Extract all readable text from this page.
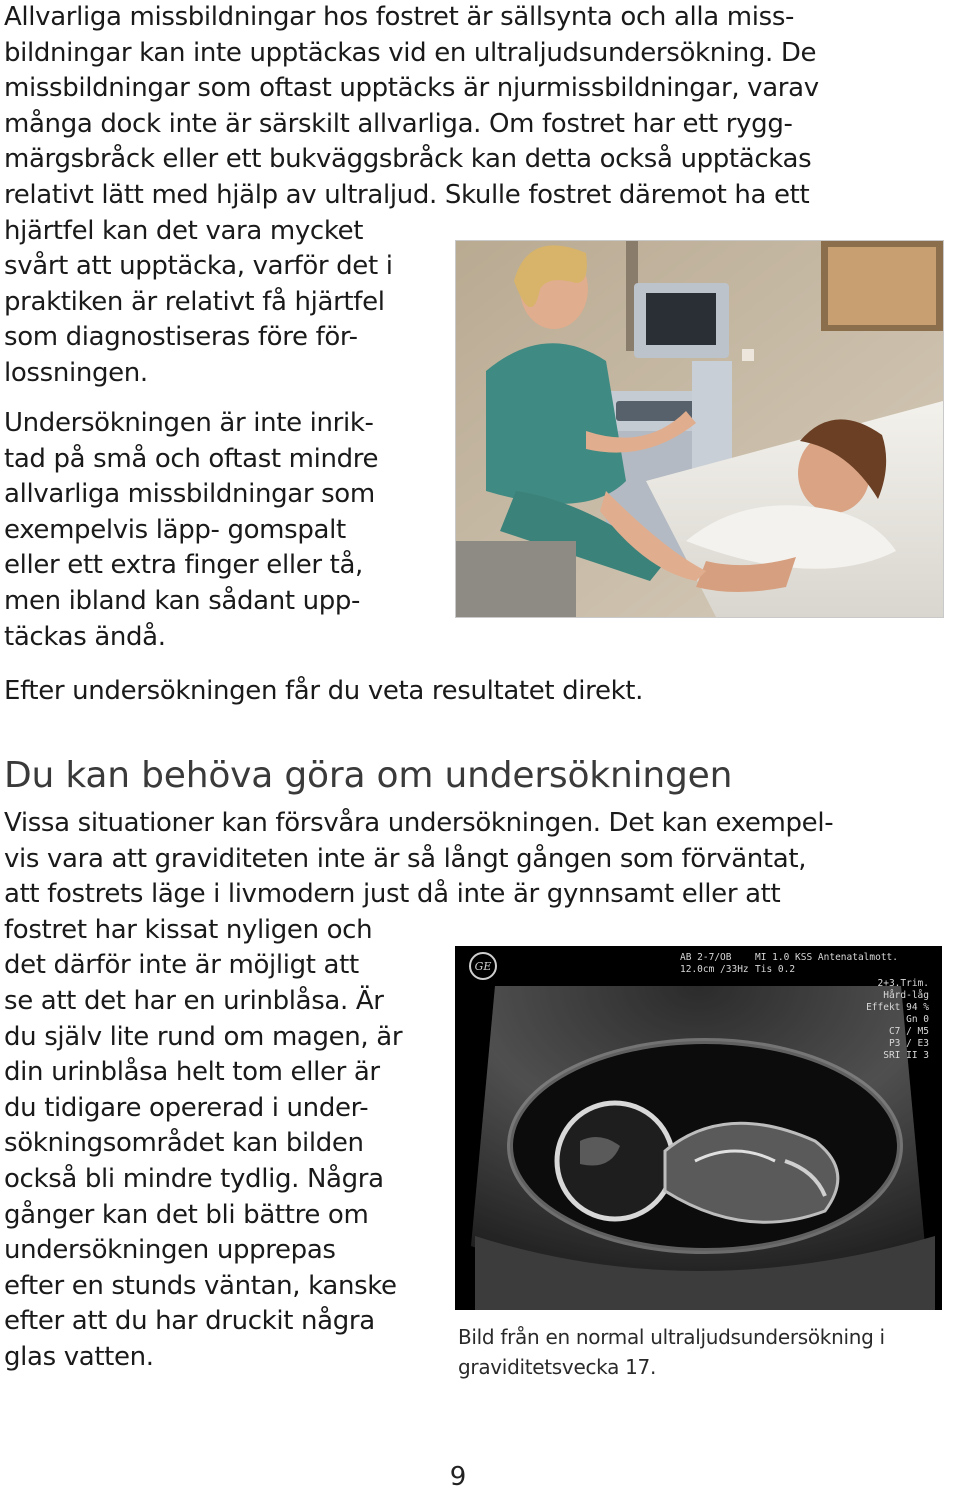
Allvarliga missbildningar hos fostret är sällsynta och alla miss-
bildningar kan inte upptäckas vid en ultraljudsundersökning. De
missbildningar som oftast upptäcks är njurmissbildningar, varav
många dock inte är särskilt allvarliga. Om fostret har ett rygg-
märgsbråck eller ett bukväggsbråck kan detta också upptäckas
relativt lätt med hjälp av ultraljud. Skulle fostret däremot ha ett
hjärtfel kan det vara mycket
svårt att upptäcka, varför det i
praktiken är relativt få hjärtfel
som diagnostiseras före för-
lossningen.
Undersökningen är inte inrik-
tad på små och oftast mindre
allvarliga missbildningar som
exempelvis läpp- gomspalt
eller ett extra finger eller tå,
men ibland kan sådant upp-
täckas ändå.
Efter undersökningen får du veta resultatet direkt.
Du kan behöva göra om undersökningen
Vissa situationer kan försvåra undersökningen. Det kan exempel-
vis vara att graviditeten inte är så långt gången som förväntat,
att fostrets läge i livmodern just då inte är gynnsamt eller att
fostret har kissat nyligen och
det därför inte är möjligt att
se att det har en urinblåsa. Är
du själv lite rund om magen, är
din urinblåsa helt tom eller är
du tidigare opererad i under-
sökningsområdet kan bilden
också bli mindre tydlig. Några
gånger kan det bli bättre om
undersökningen upprepas
efter en stunds väntan, kanske
efter att du har druckit några
glas vatten.
GE
AB 2-7/OB
12.0cm /33Hz
MI 1.0 KSS Antenatalmott.
Tis 0.2
2+3.Trim.
Hård-låg
Effekt 94 %
Gn 0
C7 / M5
P3 / E3
SRI II 3

Bild från en normal ultraljudsundersökning i
graviditetsvecka 17.

9
